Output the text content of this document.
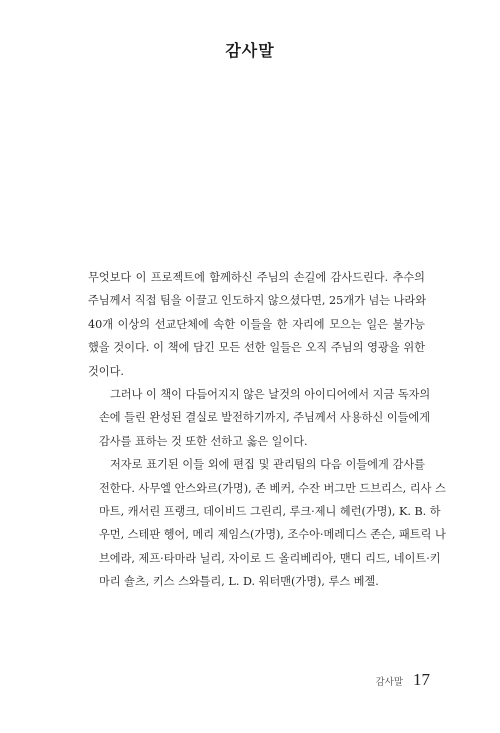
감사말

무엇보다 이 프로젝트에 함께하신 주님의 손길에 감사드린다. 추수의
주님께서 직접 팀을 이끌고 인도하지 않으셨다면, 25개가 넘는 나라와
40개 이상의 선교단체에 속한 이들을 한 자리에 모으는 일은 불가능
했을 것이다. 이 책에 담긴 모든 선한 일들은 오직 주님의 영광을 위한
것이다.

그러나 이 책이 다듬어지지 않은 날것의 아이디어에서 지금 독자의
손에 들린 완성된 결실로 발전하기까지, 주님께서 사용하신 이들에게
감사를 표하는 것 또한 선하고 옳은 일이다.

저자로 표기된 이들 외에 편집 및 관리팀의 다음 이들에게 감사를
전한다. 사무엘 안스와르(가명), 존 베커, 수잔 버그만 드브리스, 리사 스
마트, 캐서린 프랭크, 데이비드 그린리, 루크·제니 헤런(가명), K. B. 하
우먼, 스테판 헹어, 메리 제임스(가명), 조수아·메레디스 존슨, 패트릭 나
브에라, 제프·타마라 닐리, 자이로 드 올리베리아, 맨디 리드, 네이트·키
마리 숄츠, 키스 스와틀리, L. D. 워터맨(가명), 루스 베젤.

감사말 17
